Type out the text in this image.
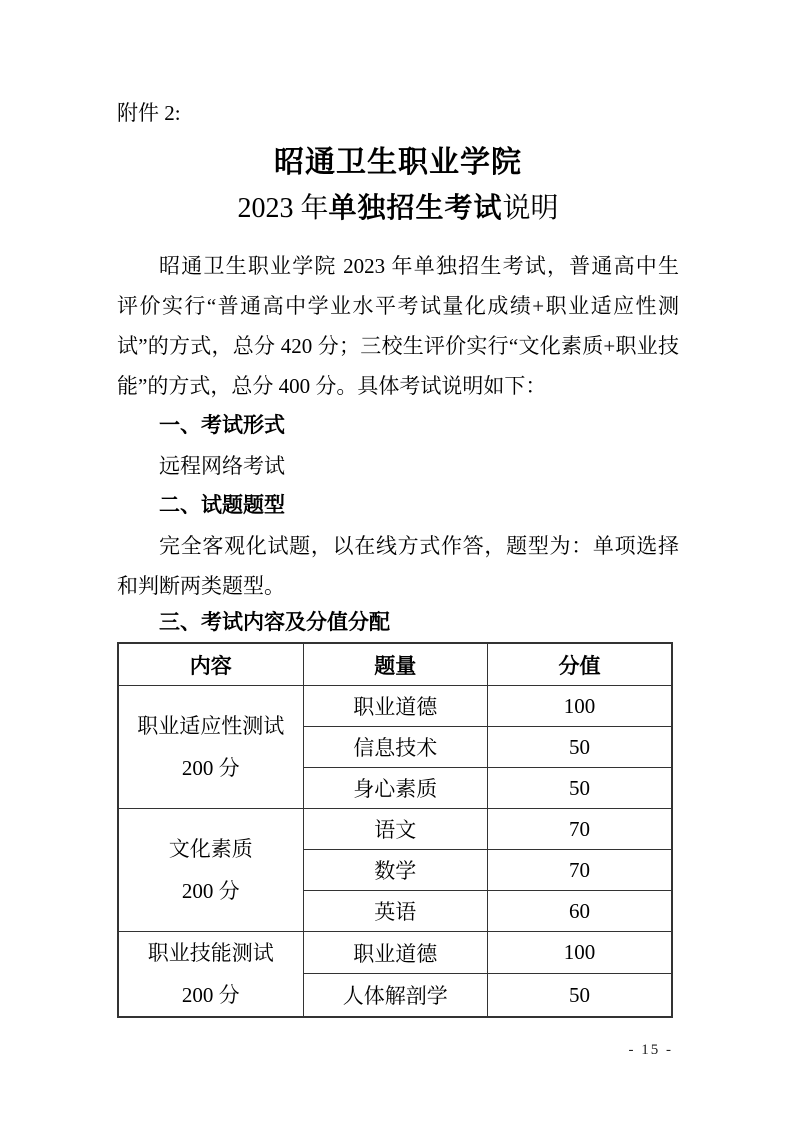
附件 2:
昭通卫生职业学院
2023 年单独招生考试说明
昭通卫生职业学院 2023 年单独招生考试，普通高中生
评价实行“普通高中学业水平考试量化成绩+职业适应性测
试”的方式，总分 420 分；三校生评价实行“文化素质+职业技
能”的方式，总分 400 分。具体考试说明如下：
一、考试形式
远程网络考试
二、试题题型
完全客观化试题，以在线方式作答，题型为：单项选择
和判断两类题型。
三、考试内容及分值分配
内容	题量	分值

职业适应性测试
200 分	职业道德	100
	信息技术	50
	身心素质	50

文化素质
200 分	语文	70
	数学	70
	英语	60

职业技能测试
200 分	职业道德	100
	人体解剖学	50
- 15 -
